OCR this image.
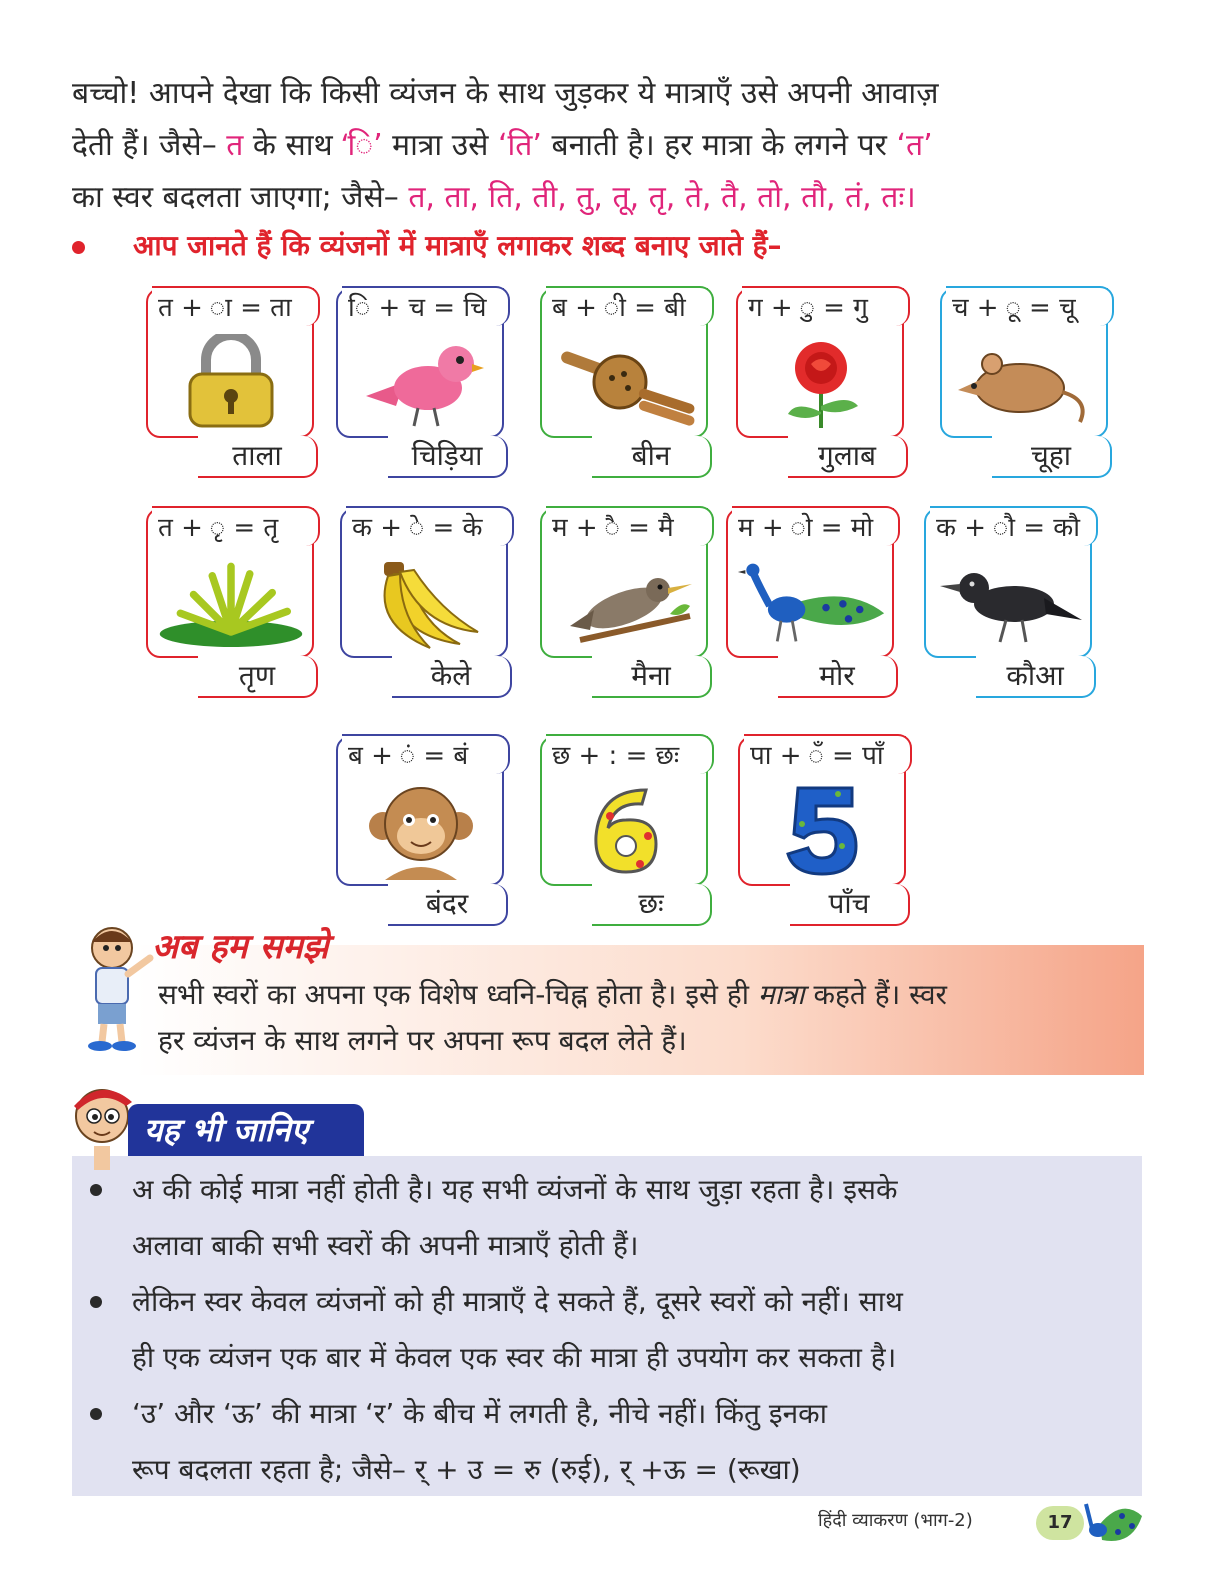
बच्चो! आपने देखा कि किसी व्यंजन के साथ जुड़कर ये मात्राएँ उसे अपनी आवाज़
देती हैं। जैसे– त के साथ ‘ि’ मात्रा उसे ‘ति’ बनाती है। हर मात्रा के लगने पर ‘त’
का स्वर बदलता जाएगा; जैसे– त, ता, ति, ती, तु, तू, तृ, ते, तै, तो, तौ, तं, तः।
आप जानते हैं कि व्यंजनों में मात्राएँ लगाकर शब्द बनाए जाते हैं–
त + ा = ता
ताला
ि + च = चि
चिड़िया
ब + ी = बी
बीन
ग + ु = गु
गुलाब
च + ू = चू
चूहा
त + ृ = तृ
तृण
क + े = के
केले
म + ै = मै
मैना
म + ो = मो
मोर
क + ौ = कौ
कौआ
ब + ं = बं
बंदर
छ + : = छः
छः
पा + ँ = पाँ
पाँच
अब हम समझे
सभी स्वरों का अपना एक विशेष ध्वनि-चिह्न होता है। इसे ही मात्रा कहते हैं। स्वर
हर व्यंजन के साथ लगने पर अपना रूप बदल लेते हैं।
यह भी जानिए
अ की कोई मात्रा नहीं होती है। यह सभी व्यंजनों के साथ जुड़ा रहता है। इसके
अलावा बाकी सभी स्वरों की अपनी मात्राएँ होती हैं।
लेकिन स्वर केवल व्यंजनों को ही मात्राएँ दे सकते हैं, दूसरे स्वरों को नहीं। साथ
ही एक व्यंजन एक बार में केवल एक स्वर की मात्रा ही उपयोग कर सकता है।
‘उ’ और ‘ऊ’ की मात्रा ‘र’ के बीच में लगती है, नीचे नहीं। किंतु इनका
रूप बदलता रहता है; जैसे– र् + उ = रु (रुई), र् +ऊ = (रूखा)
हिंदी व्याकरण (भाग-2)	17
